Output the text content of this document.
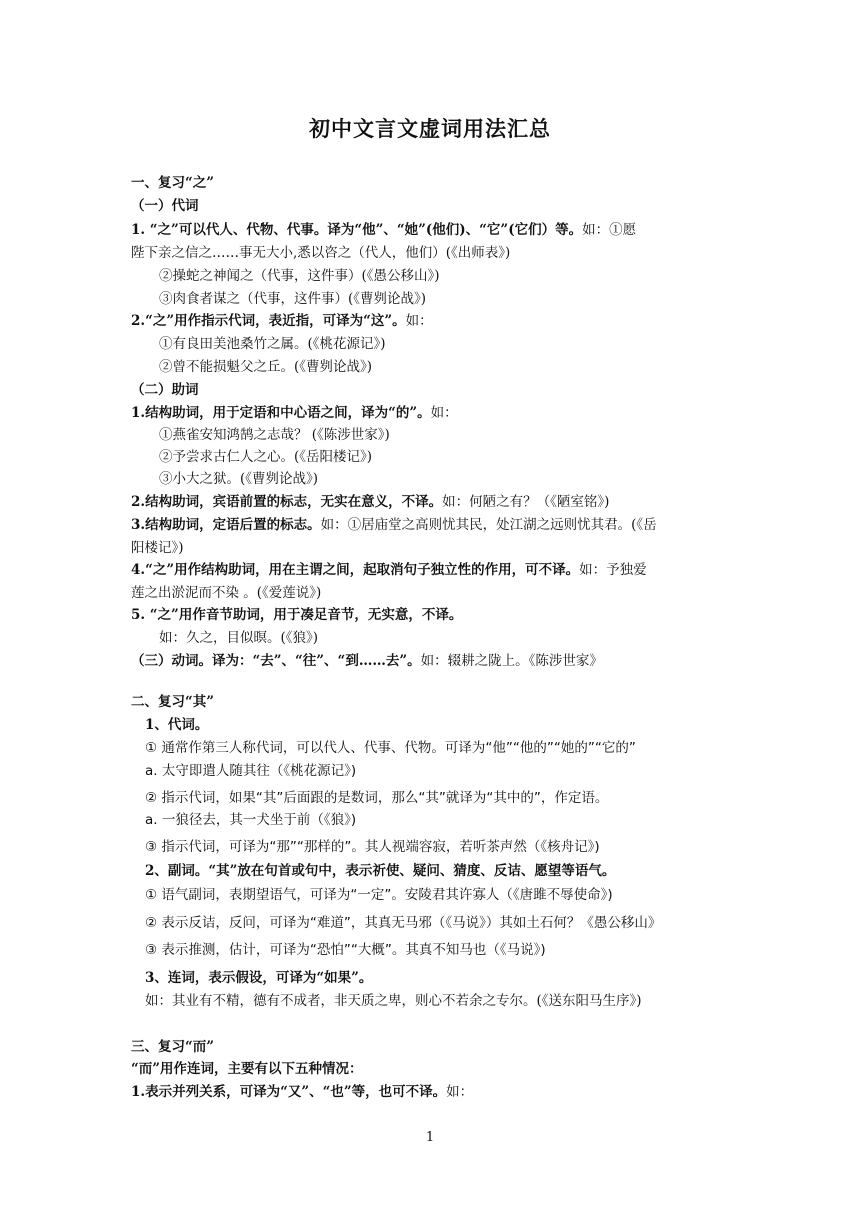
初中文言文虚词用法汇总
一、复习“之”
（一）代词
1. “之”可以代人、代物、代事。译为“他”、“她”(他们)、“它”(它们）等。如：①愿
陛下亲之信之……事无大小,悉以咨之（代人，他们）(《出师表》)
②操蛇之神闻之（代事，这件事）(《愚公移山》)
③肉食者谋之（代事，这件事）(《曹刿论战》)
2.“之”用作指示代词，表近指，可译为“这”。如：
①有良田美池桑竹之属。(《桃花源记》)
②曾不能损魁父之丘。(《曹刿论战》)
（二）助词
1.结构助词，用于定语和中心语之间，译为“的”。如：
①燕雀安知鸿鹄之志哉？ (《陈涉世家》)
②予尝求古仁人之心。(《岳阳楼记》)
③小大之狱。(《曹刿论战》)
2.结构助词，宾语前置的标志，无实在意义，不译。如：何陋之有？（《陋室铭》)
3.结构助词，定语后置的标志。如：①居庙堂之高则忧其民，处江湖之远则忧其君。(《岳
阳楼记》)
4.“之”用作结构助词，用在主谓之间，起取消句子独立性的作用，可不译。如：予独爱
莲之出淤泥而不染 。(《爱莲说》)
5. “之”用作音节助词，用于凑足音节，无实意，不译。
如：久之，目似暝。(《狼》)
（三）动词。译为：“去”、“往”、“到……去”。如：辍耕之陇上。《陈涉世家》
二、复习“其”
1、代词。
① 通常作第三人称代词，可以代人、代事、代物。可译为“他”“他的”“她的”“它的”
a. 太守即遣人随其往（《桃花源记》)
② 指示代词，如果“其”后面跟的是数词，那么“其”就译为“其中的”，作定语。
a. 一狼径去，其一犬坐于前（《狼》)
③ 指示代词，可译为“那”“那样的”。其人视端容寂，若听茶声然（《核舟记》)
2、副词。“其”放在句首或句中，表示祈使、疑问、猜度、反诘、愿望等语气。
① 语气副词，表期望语气，可译为“一定”。安陵君其许寡人（《唐雎不辱使命》)
② 表示反诘，反问，可译为“难道”，其真无马邪（《马说》）其如土石何？《愚公移山》
③ 表示推测，估计，可译为“恐怕”“大概”。其真不知马也（《马说》)
3、连词，表示假设，可译为“如果”。
如：其业有不精，德有不成者，非天质之卑，则心不若余之专尔。(《送东阳马生序》)
三、复习“而”
“而”用作连词，主要有以下五种情况：
1.表示并列关系，可译为“又”、“也”等，也可不译。如：
1
